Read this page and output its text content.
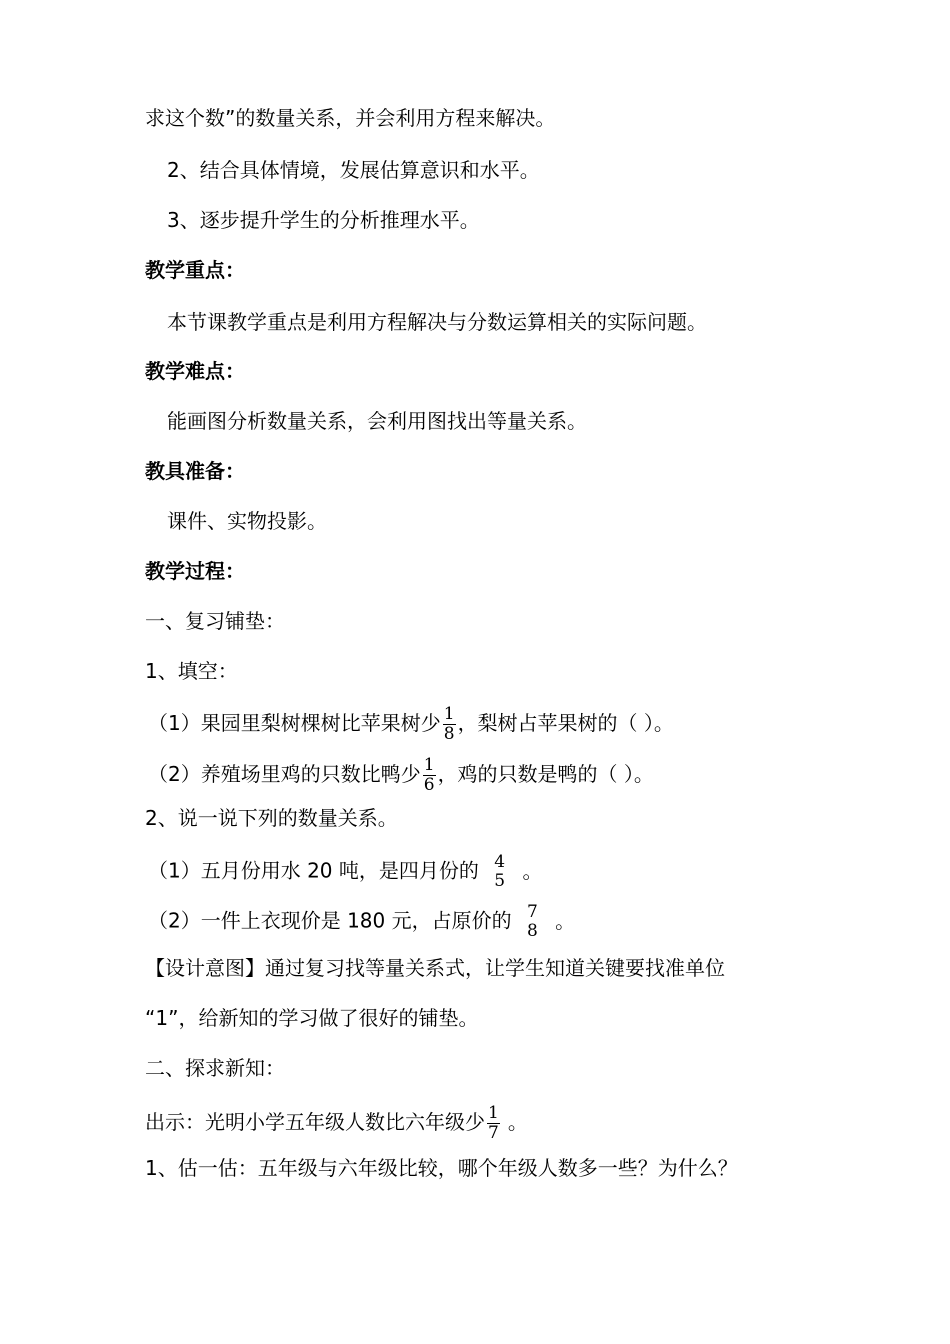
求这个数”的数量关系，并会利用方程来解决。
2、结合具体情境，发展估算意识和水平。
3、逐步提升学生的分析推理水平。
教学重点：
本节课教学重点是利用方程解决与分数运算相关的实际问题。
教学难点：
能画图分析数量关系，会利用图找出等量关系。
教具准备：
课件、实物投影。
教学过程：
一、复习铺垫：
1、填空：
（1）果园里梨树棵树比苹果树少 $\frac{1}{8}$ ，梨树占苹果树的（ ）。
（2）养殖场里鸡的只数比鸭少 $\frac{1}{6}$ ，鸡的只数是鸭的（ ）。
2、说一说下列的数量关系。
（1）五月份用水 20 吨，是四月份的 4
5 。
（2）一件上衣现价是 180 元，占原价的 7
8 。
【设计意图】通过复习找等量关系式，让学生知道关键要找准单位
“1”，给新知的学习做了很好的铺垫。
二、探求新知：
出示：光明小学五年级人数比六年级少 $\frac{1}{7}$ 。
1、估一估：五年级与六年级比较，哪个年级人数多一些？为什么？
